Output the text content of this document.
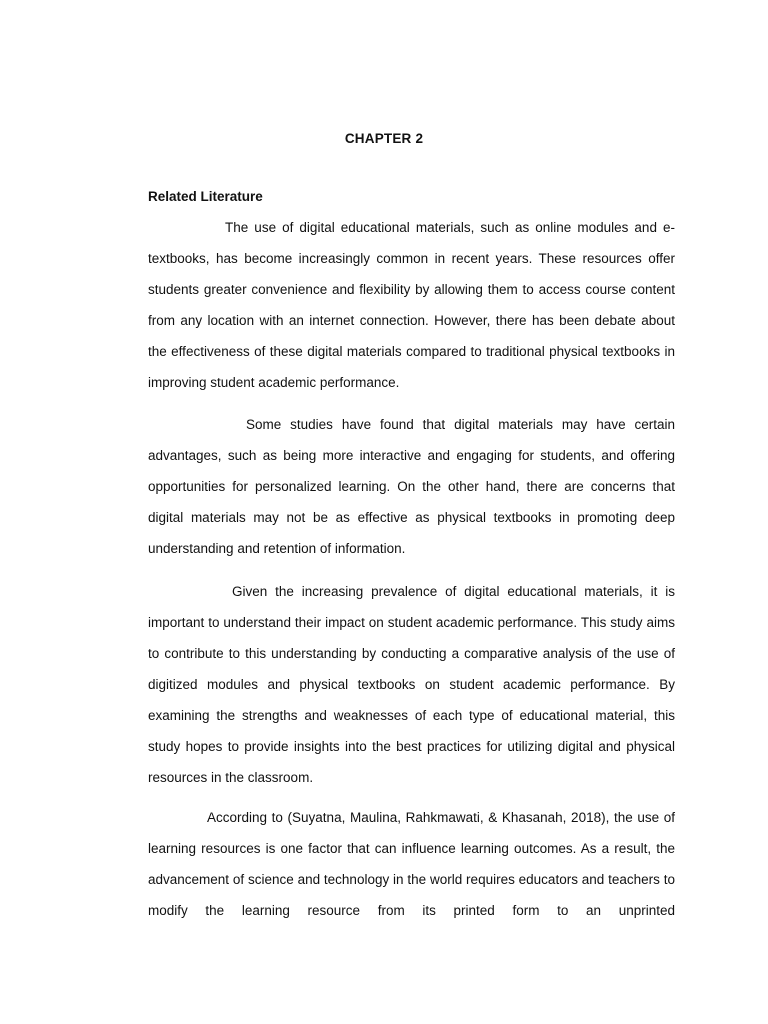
CHAPTER 2
Related Literature

The use of digital educational materials, such as online modules and e-textbooks, has become increasingly common in recent years. These resources offer students greater convenience and flexibility by allowing them to access course content from any location with an internet connection. However, there has been debate about the effectiveness of these digital materials compared to traditional physical textbooks in improving student academic performance.

Some studies have found that digital materials may have certain advantages, such as being more interactive and engaging for students, and offering opportunities for personalized learning. On the other hand, there are concerns that digital materials may not be as effective as physical textbooks in promoting deep understanding and retention of information.

Given the increasing prevalence of digital educational materials, it is important to understand their impact on student academic performance. This study aims to contribute to this understanding by conducting a comparative analysis of the use of digitized modules and physical textbooks on student academic performance. By examining the strengths and weaknesses of each type of educational material, this study hopes to provide insights into the best practices for utilizing digital and physical resources in the classroom.

According to (Suyatna, Maulina, Rahkmawati, & Khasanah, 2018), the use of learning resources is one factor that can influence learning outcomes. As a result, the advancement of science and technology in the world requires educators and teachers to modify the learning resource from its printed form to an unprinted
